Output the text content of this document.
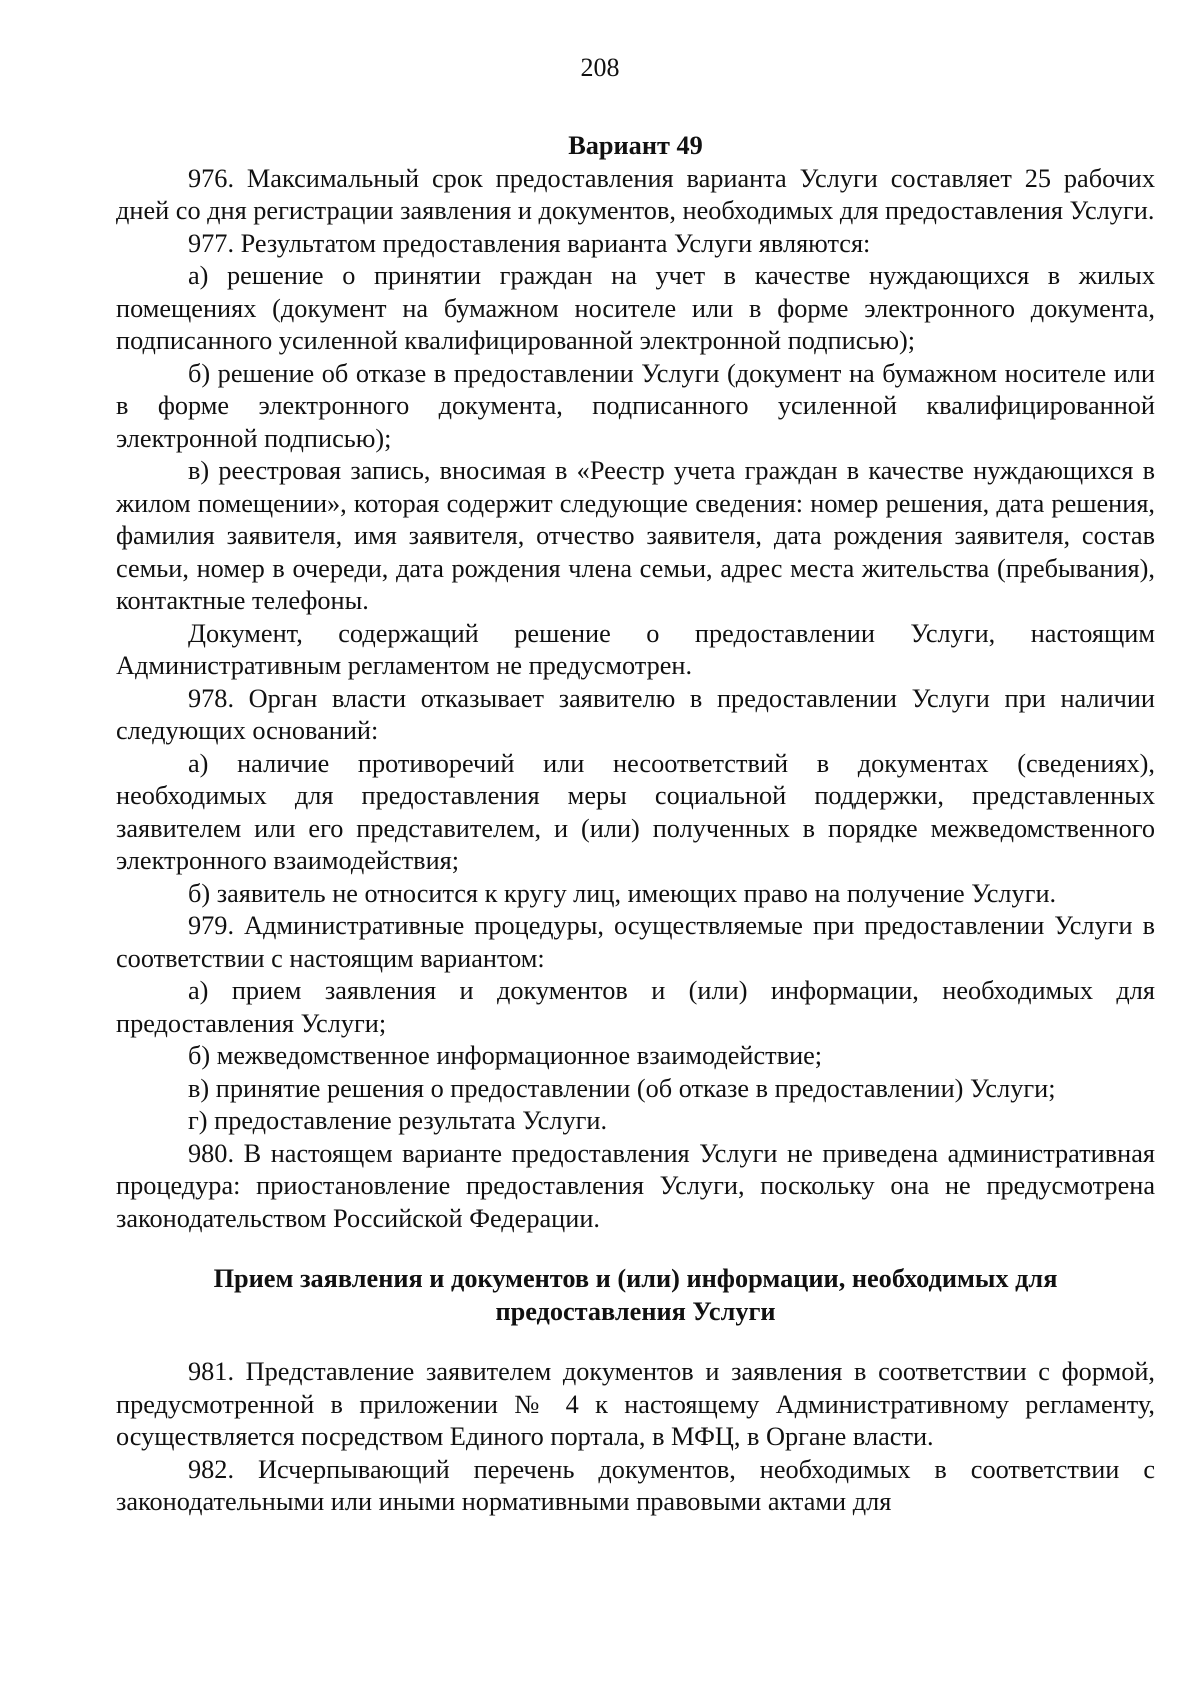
208

Вариант 49

976. Максимальный срок предоставления варианта Услуги составляет 25 рабочих дней со дня регистрации заявления и документов, необходимых для предоставления Услуги.

977. Результатом предоставления варианта Услуги являются:

а) решение о принятии граждан на учет в качестве нуждающихся в жилых помещениях (документ на бумажном носителе или в форме электронного документа, подписанного усиленной квалифицированной электронной подписью);

б) решение об отказе в предоставлении Услуги (документ на бумажном носителе или в форме электронного документа, подписанного усиленной квалифицированной электронной подписью);

в) реестровая запись, вносимая в «Реестр учета граждан в качестве нуждающихся в жилом помещении», которая содержит следующие сведения: номер решения, дата решения, фамилия заявителя, имя заявителя, отчество заявителя, дата рождения заявителя, состав семьи, номер в очереди, дата рождения члена семьи, адрес места жительства (пребывания), контактные телефоны.

Документ, содержащий решение о предоставлении Услуги, настоящим Административным регламентом не предусмотрен.

978. Орган власти отказывает заявителю в предоставлении Услуги при наличии следующих оснований:

а) наличие противоречий или несоответствий в документах (сведениях), необходимых для предоставления меры социальной поддержки, представленных заявителем или его представителем, и (или) полученных в порядке межведомственного электронного взаимодействия;

б) заявитель не относится к кругу лиц, имеющих право на получение Услуги.

979. Административные процедуры, осуществляемые при предоставлении Услуги в соответствии с настоящим вариантом:

а) прием заявления и документов и (или) информации, необходимых для предоставления Услуги;

б) межведомственное информационное взаимодействие;

в) принятие решения о предоставлении (об отказе в предоставлении) Услуги;

г) предоставление результата Услуги.

980. В настоящем варианте предоставления Услуги не приведена административная процедура: приостановление предоставления Услуги, поскольку она не предусмотрена законодательством Российской Федерации.

Прием заявления и документов и (или) информации, необходимых для предоставления Услуги

981. Представление заявителем документов и заявления в соответствии с формой, предусмотренной в приложении № 4 к настоящему Административному регламенту, осуществляется посредством Единого портала, в МФЦ, в Органе власти.

982. Исчерпывающий перечень документов, необходимых в соответствии с законодательными или иными нормативными правовыми актами для
